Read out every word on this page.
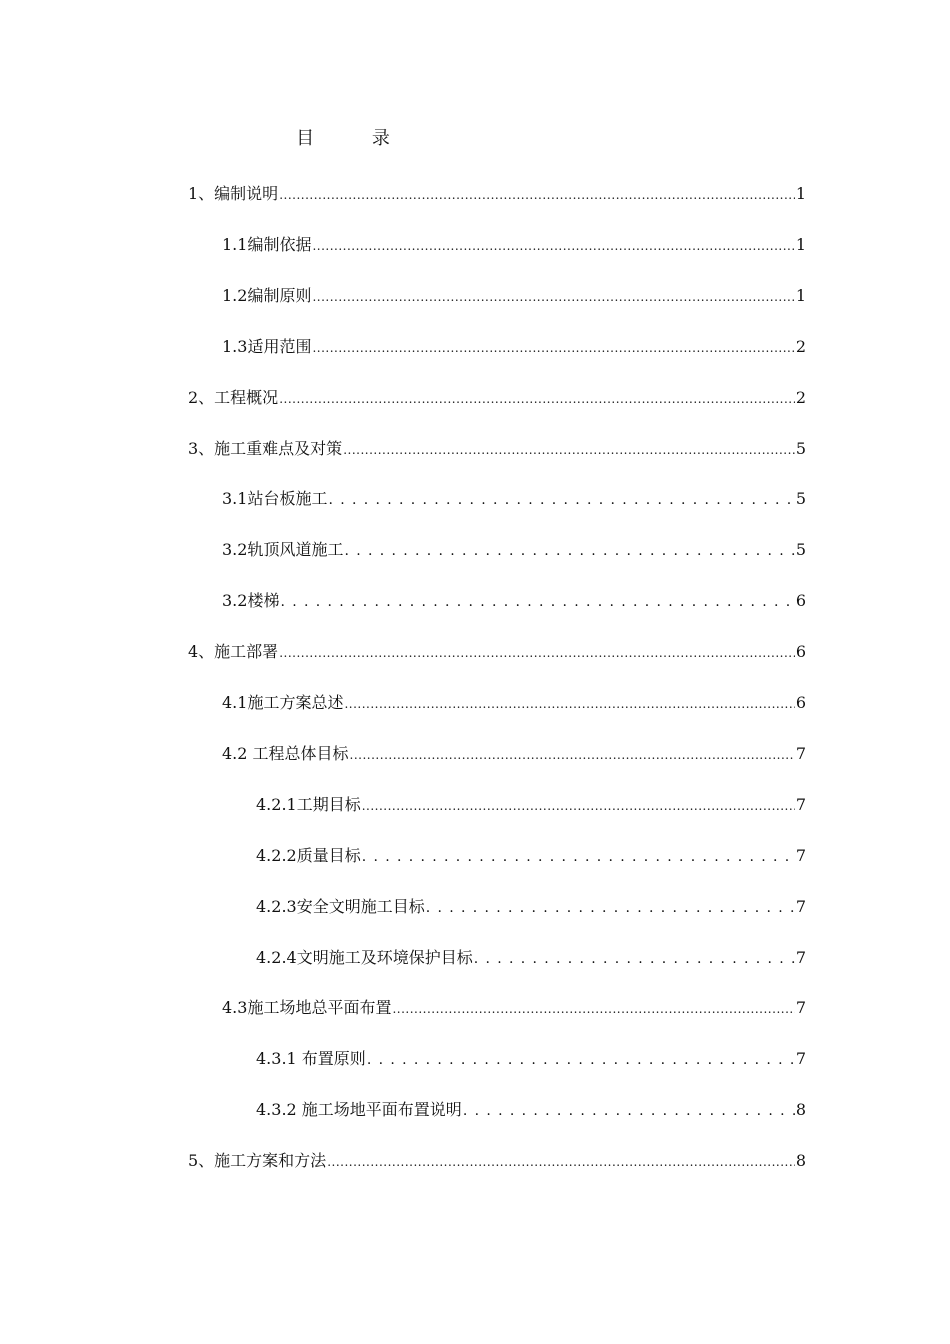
目 录
1、编制说明 .....	1
1.1编制依据 .....	1
1.2编制原则 .....	1
1.3适用范围 .....	2
2、工程概况 .....	2
3、施工重难点及对策 .....	5
3.1站台板施工 .....	5
3.2轨顶风道施工 .....	5
3.2楼梯 .....	6
4、施工部署 .....	6
4.1施工方案总述 .....	6
4.2 工程总体目标 .....	7
4.2.1工期目标 .....	7
4.2.2质量目标 .....	7
4.2.3安全文明施工目标 .....	7
4.2.4文明施工及环境保护目标 .....	7
4.3施工场地总平面布置 .....	7
4.3.1 布置原则 .....	7
4.3.2 施工场地平面布置说明 .....	8
5、施工方案和方法 .....	8
